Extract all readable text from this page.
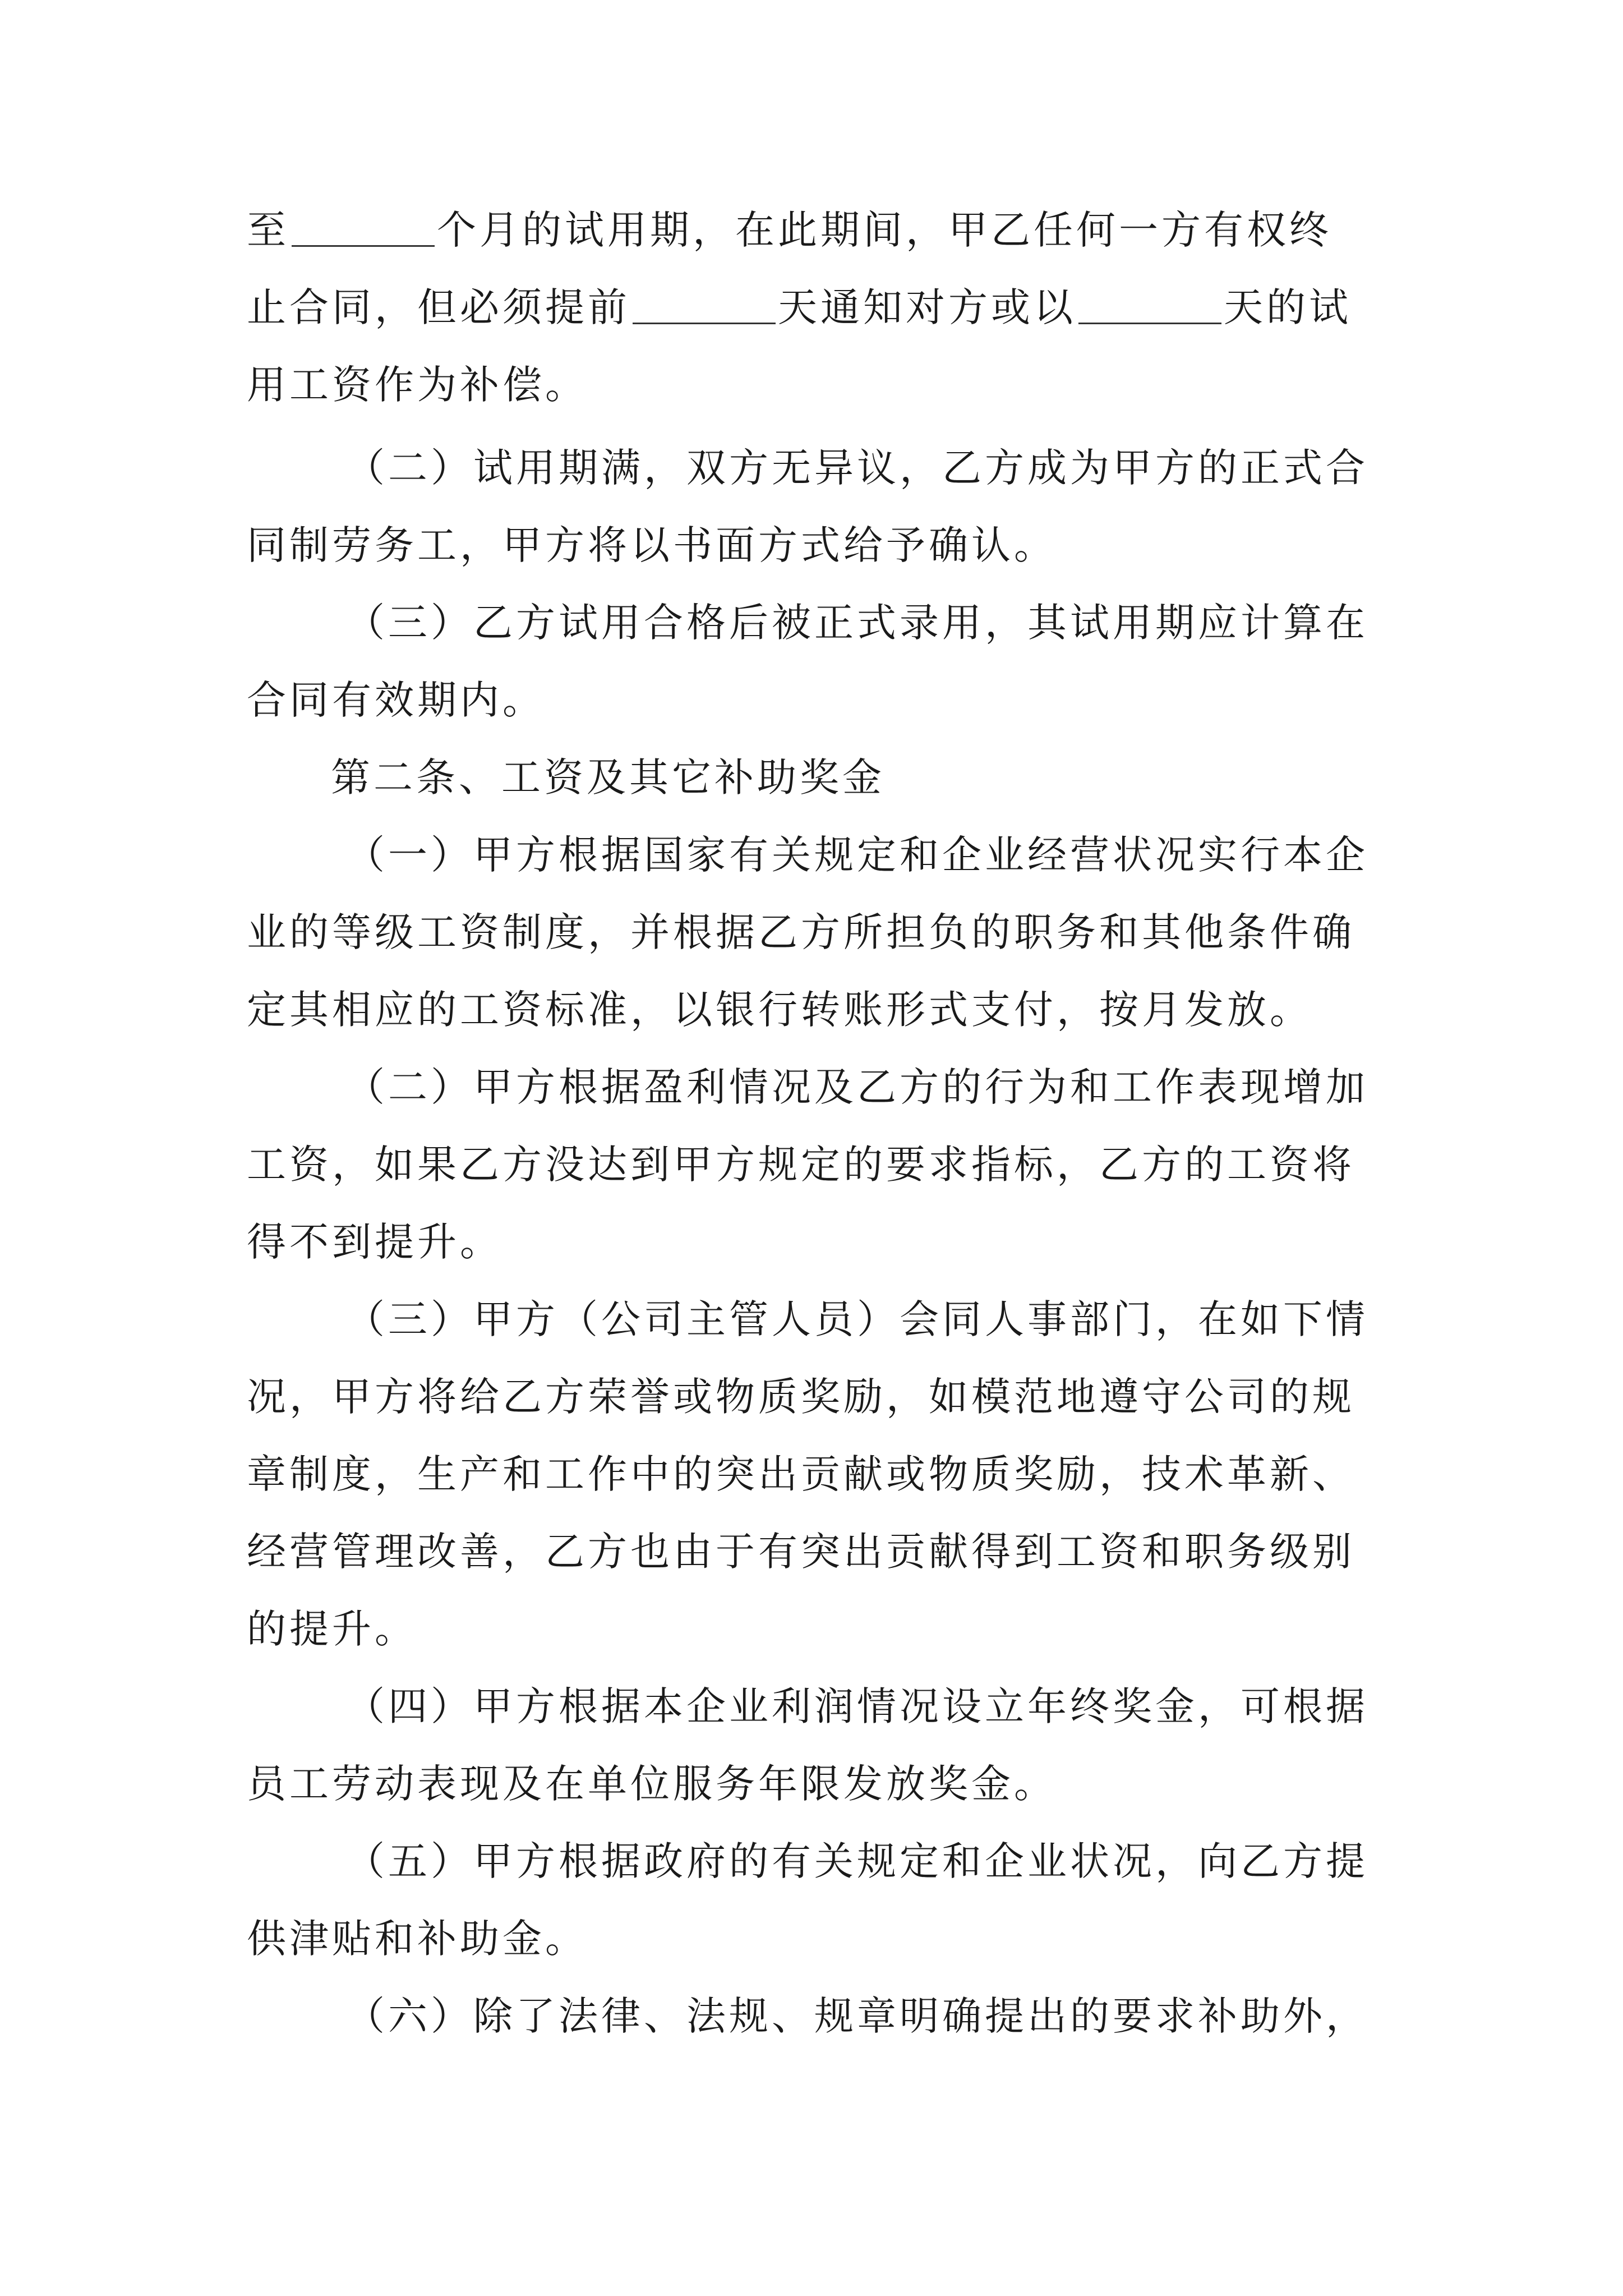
至	个月的试用期，在此期间，甲乙任何一方有权终
止合同，但必须提前	天通知对方或以	天的试
用工资作为补偿。
（二）试用期满，双方无异议，乙方成为甲方的正式合
同制劳务工，甲方将以书面方式给予确认。
（三）乙方试用合格后被正式录用，其试用期应计算在
合同有效期内。
第二条、工资及其它补助奖金
（一）甲方根据国家有关规定和企业经营状况实行本企
业的等级工资制度，并根据乙方所担负的职务和其他条件确
定其相应的工资标准，以银行转账形式支付，按月发放。
（二）甲方根据盈利情况及乙方的行为和工作表现增加
工资，如果乙方没达到甲方规定的要求指标，乙方的工资将
得不到提升。
（三）甲方（公司主管人员）会同人事部门，在如下情
况，甲方将给乙方荣誉或物质奖励，如模范地遵守公司的规
章制度，生产和工作中的突出贡献或物质奖励，技术革新、
经营管理改善，乙方也由于有突出贡献得到工资和职务级别
的提升。
（四）甲方根据本企业利润情况设立年终奖金，可根据
员工劳动表现及在单位服务年限发放奖金。
（五）甲方根据政府的有关规定和企业状况，向乙方提
供津贴和补助金。
（六）除了法律、法规、规章明确提出的要求补助外，
